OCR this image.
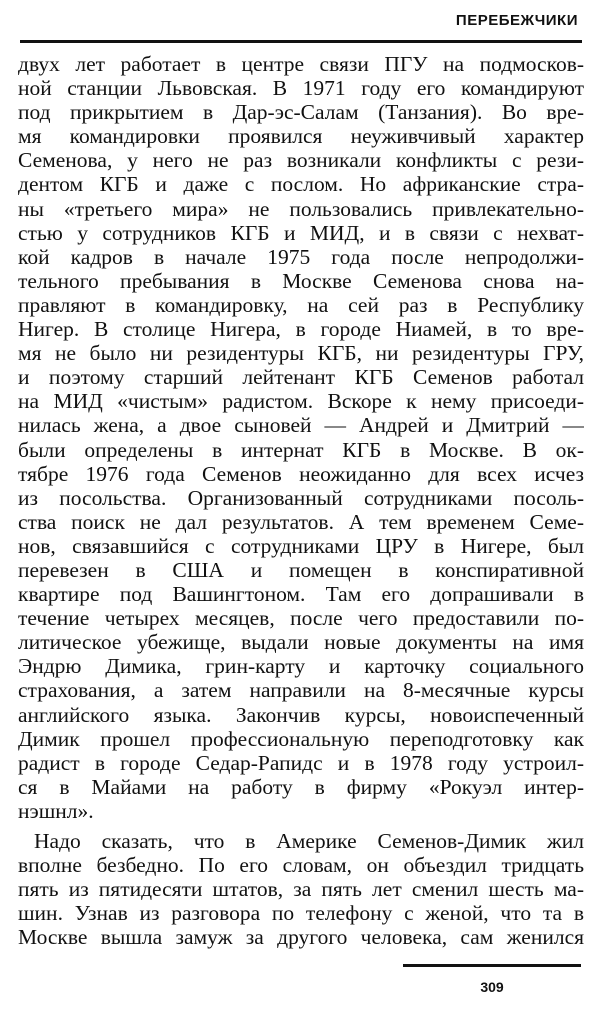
ПЕРЕБЕЖЧИКИ
двух лет работает в центре связи ПГУ на подмосков-
ной станции Львовская. В 1971 году его командируют
под прикрытием в Дар-эс-Салам (Танзания). Во вре-
мя командировки проявился неуживчивый характер
Семенова, у него не раз возникали конфликты с рези-
дентом КГБ и даже с послом. Но африканские стра-
ны «третьего мира» не пользовались привлекательно-
стью у сотрудников КГБ и МИД, и в связи с нехват-
кой кадров в начале 1975 года после непродолжи-
тельного пребывания в Москве Семенова снова на-
правляют в командировку, на сей раз в Республику
Нигер. В столице Нигера, в городе Ниамей, в то вре-
мя не было ни резидентуры КГБ, ни резидентуры ГРУ,
и поэтому старший лейтенант КГБ Семенов работал
на МИД «чистым» радистом. Вскоре к нему присоеди-
нилась жена, а двое сыновей — Андрей и Дмитрий —
были определены в интернат КГБ в Москве. В ок-
тябре 1976 года Семенов неожиданно для всех исчез
из посольства. Организованный сотрудниками посоль-
ства поиск не дал результатов. А тем временем Семе-
нов, связавшийся с сотрудниками ЦРУ в Нигере, был
перевезен в США и помещен в конспиративной
квартире под Вашингтоном. Там его допрашивали в
течение четырех месяцев, после чего предоставили по-
литическое убежище, выдали новые документы на имя
Эндрю Димика, грин-карту и карточку социального
страхования, а затем направили на 8-месячные курсы
английского языка. Закончив курсы, новоиспеченный
Димик прошел профессиональную переподготовку как
радист в городе Седар-Рапидс и в 1978 году устроил-
ся в Майами на работу в фирму «Рокуэл интер-
нэшнл».
Надо сказать, что в Америке Семенов-Димик жил
вполне безбедно. По его словам, он объездил тридцать
пять из пятидесяти штатов, за пять лет сменил шесть ма-
шин. Узнав из разговора по телефону с женой, что та в
Москве вышла замуж за другого человека, сам женился
309
